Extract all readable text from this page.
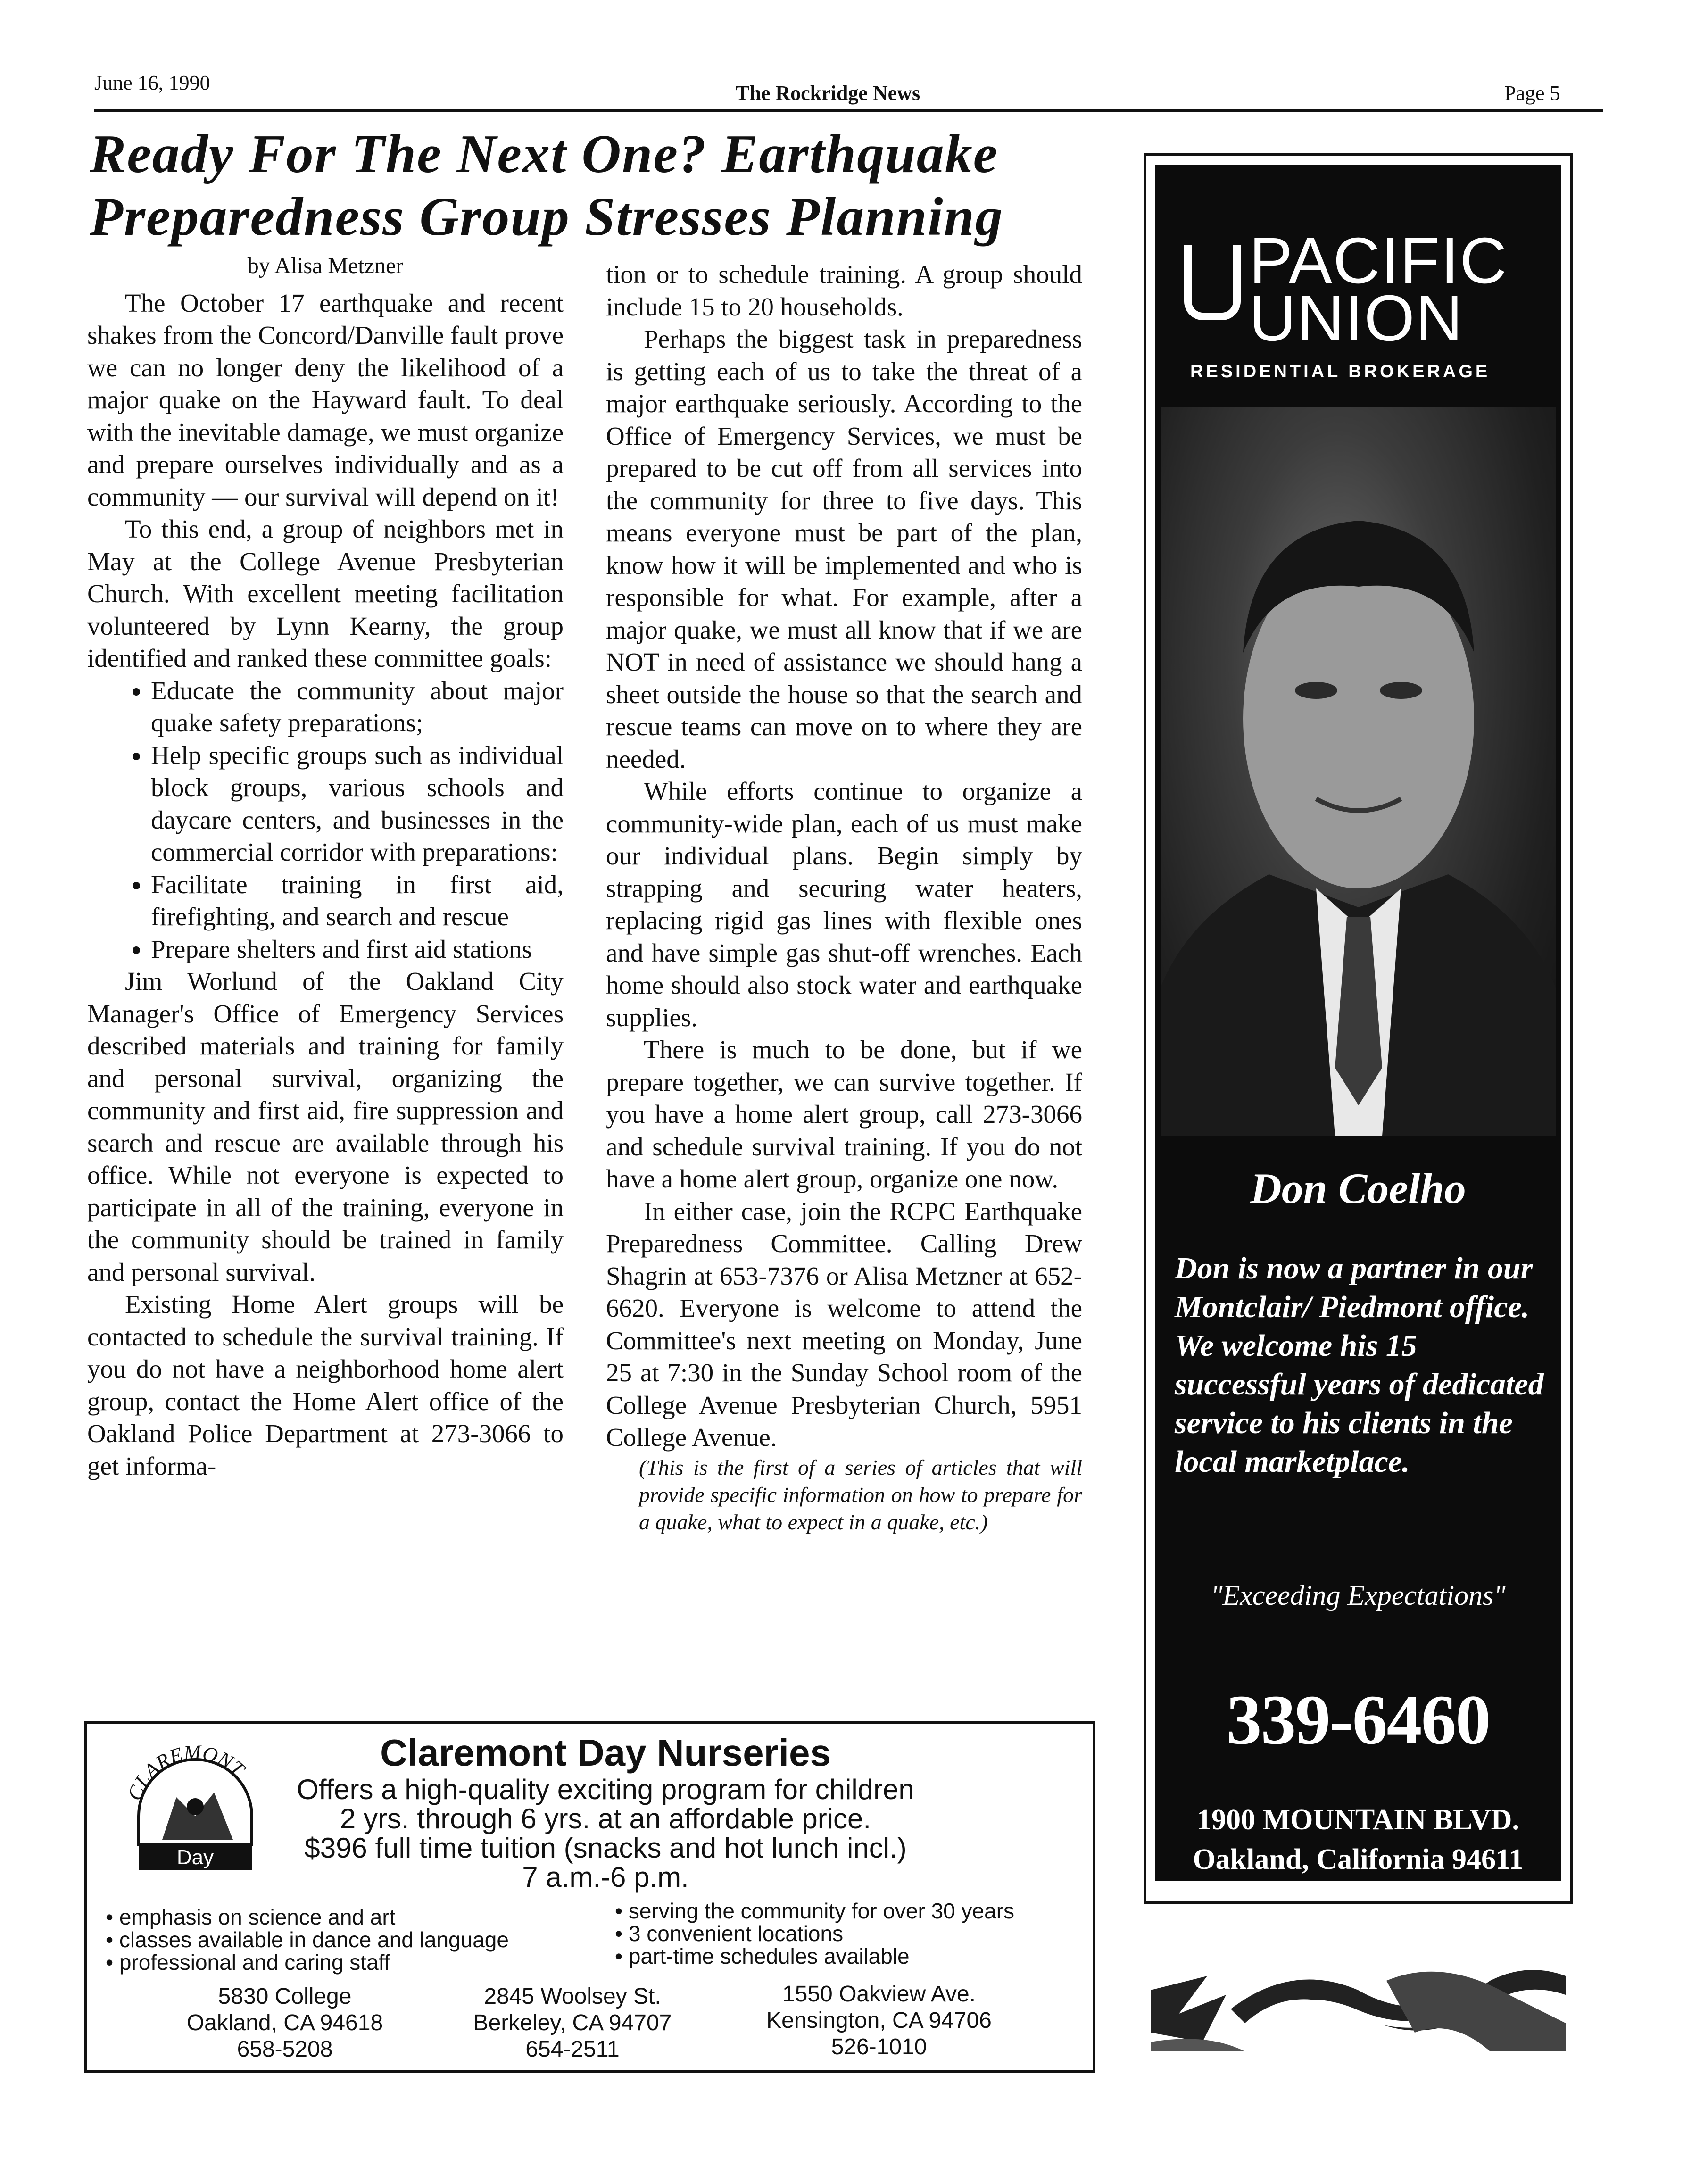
June 16, 1990	The Rockridge News	Page 5
Ready For The Next One? Earthquake
Preparedness Group Stresses Planning

by Alisa Metzner

The October 17 earthquake and recent shakes from the Concord/Danville fault prove we can no longer deny the likelihood of a major quake on the Hayward fault. To deal with the inevitable damage, we must organize and prepare ourselves individually and as a community — our survival will depend on it!

To this end, a group of neighbors met in May at the College Avenue Presbyterian Church. With excellent meeting facilitation volunteered by Lynn Kearny, the group identified and ranked these committee goals:

• Educate the community about major quake safety preparations;
• Help specific groups such as individual block groups, various schools and daycare centers, and businesses in the commercial corridor with preparations:
• Facilitate training in first aid, firefighting, and search and rescue
• Prepare shelters and first aid stations

Jim Worlund of the Oakland City Manager's Office of Emergency Services described materials and training for family and personal survival, organizing the community and first aid, fire suppression and search and rescue are available through his office. While not everyone is expected to participate in all of the training, everyone in the community should be trained in family and personal survival.

Existing Home Alert groups will be contacted to schedule the survival training. If you do not have a neighborhood home alert group, contact the Home Alert office of the Oakland Police Department at 273-3066 to get informa-

tion or to schedule training. A group should include 15 to 20 households.

Perhaps the biggest task in preparedness is getting each of us to take the threat of a major earthquake seriously. According to the Office of Emergency Services, we must be prepared to be cut off from all services into the community for three to five days. This means everyone must be part of the plan, know how it will be implemented and who is responsible for what. For example, after a major quake, we must all know that if we are NOT in need of assistance we should hang a sheet outside the house so that the search and rescue teams can move on to where they are needed.

While efforts continue to organize a community-wide plan, each of us must make our individual plans. Begin simply by strapping and securing water heaters, replacing rigid gas lines with flexible ones and have simple gas shut-off wrenches. Each home should also stock water and earthquake supplies.

There is much to be done, but if we prepare together, we can survive together. If you have a home alert group, call 273-3066 and schedule survival training. If you do not have a home alert group, organize one now.

In either case, join the RCPC Earthquake Preparedness Committee. Calling Drew Shagrin at 653-7376 or Alisa Metzner at 652-6620. Everyone is welcome to attend the Committee's next meeting on Monday, June 25 at 7:30 in the Sunday School room of the College Avenue Presbyterian Church, 5951 College Avenue.

(This is the first of a series of articles that will provide specific information on how to prepare for a quake, what to expect in a quake, etc.)

PACIFIC
UNION
RESIDENTIAL BROKERAGE
Don Coelho
Don is now a partner in our Montclair/ Piedmont office. We welcome his 15 successful years of dedicated service to his clients in the local marketplace.
"Exceeding Expectations"
339-6460
1900 MOUNTAIN BLVD.
Oakland, California 94611
CLAREMONT
Day Nursery
Claremont Day Nurseries
Offers a high-quality exciting program for children
2 yrs. through 6 yrs. at an affordable price.
$396 full time tuition (snacks and hot lunch incl.)
7 a.m.-6 p.m.
• emphasis on science and art
• classes available in dance and language
• professional and caring staff
• serving the community for over 30 years
• 3 convenient locations
• part-time schedules available
5830 College
Oakland, CA 94618
658-5208
2845 Woolsey St.
Berkeley, CA 94707
654-2511
1550 Oakview Ave.
Kensington, CA 94706
526-1010
